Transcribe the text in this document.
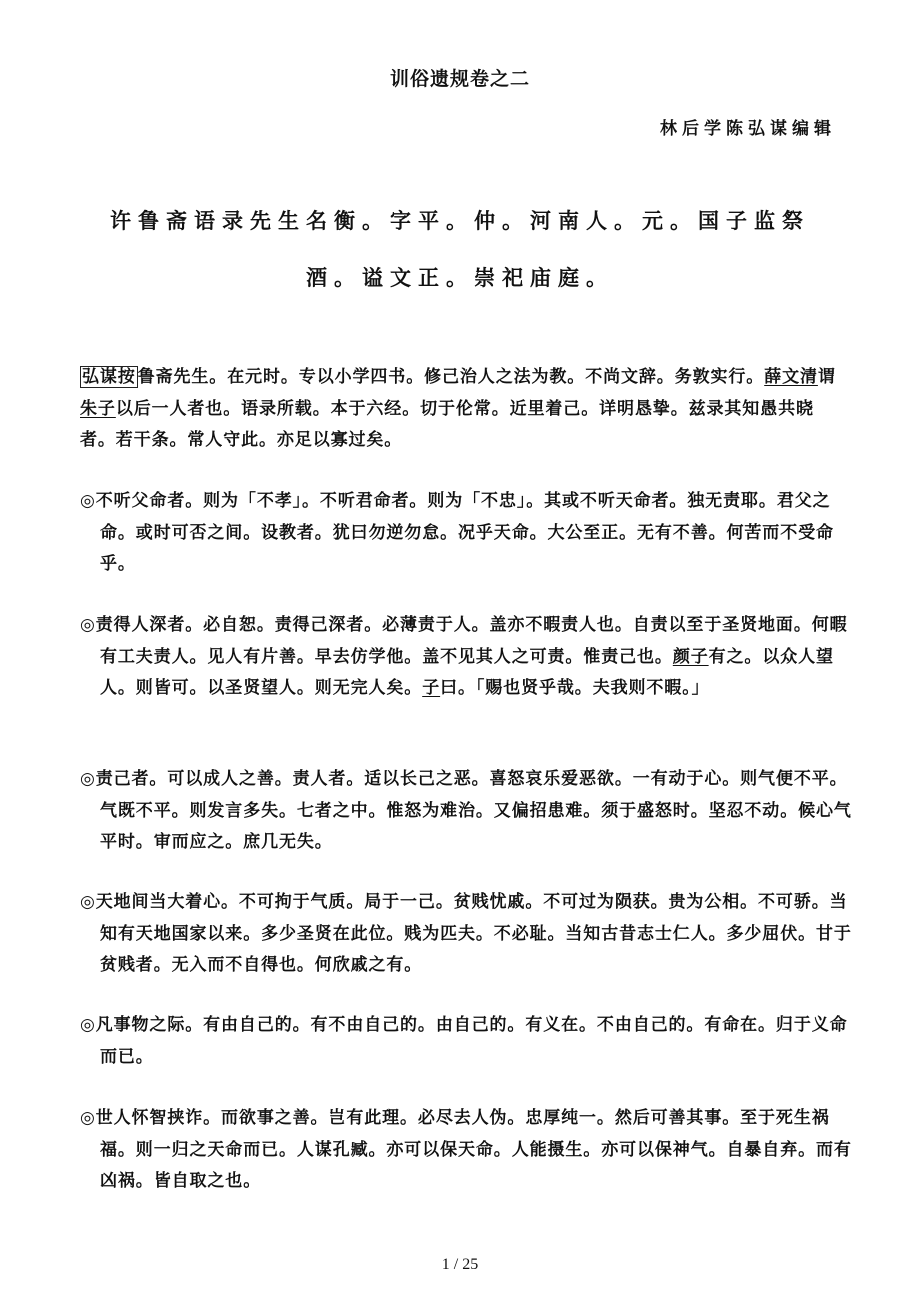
训俗遗规卷之二
林后学陈弘谋编辑
许鲁斋语录先生名衡。字平。仲。河南人。元。国子监祭
酒。谥文正。崇祀庙庭。
弘谋按 鲁斋先生。在元时。专以小学四书。修己治人之法为教。不尚文辞。务敦实行。薛文清谓朱子以后一人者也。语录所载。本于六经。切于伦常。近里着己。详明恳挚。兹录其知愚共晓者。若干条。常人守此。亦足以寡过矣。
◎不听父命者。则为「不孝」。不听君命者。则为「不忠」。其或不听天命者。独无责耶。君父之命。或时可否之间。设教者。犹曰勿逆勿怠。况乎天命。大公至正。无有不善。何苦而不受命乎。
◎责得人深者。必自恕。责得己深者。必薄责于人。盖亦不暇责人也。自责以至于圣贤地面。何暇有工夫责人。见人有片善。早去仿学他。盖不见其人之可责。惟责己也。颜子有之。以众人望人。则皆可。以圣贤望人。则无完人矣。子曰。「赐也贤乎哉。夫我则不暇。」
◎责己者。可以成人之善。责人者。适以长己之恶。喜怒哀乐爱恶欲。一有动于心。则气便不平。气既不平。则发言多失。七者之中。惟怒为难治。又偏招患难。须于盛怒时。坚忍不动。候心气平时。审而应之。庶几无失。
◎天地间当大着心。不可拘于气质。局于一己。贫贱忧戚。不可过为陨获。贵为公相。不可骄。当知有天地国家以来。多少圣贤在此位。贱为匹夫。不必耻。当知古昔志士仁人。多少屈伏。甘于贫贱者。无入而不自得也。何欣戚之有。
◎凡事物之际。有由自己的。有不由自己的。由自己的。有义在。不由自己的。有命在。归于义命而已。
◎世人怀智挟诈。而欲事之善。岂有此理。必尽去人伪。忠厚纯一。然后可善其事。至于死生祸福。则一归之天命而已。人谋孔臧。亦可以保天命。人能摄生。亦可以保神气。自暴自弃。而有凶祸。皆自取之也。
1 / 25
